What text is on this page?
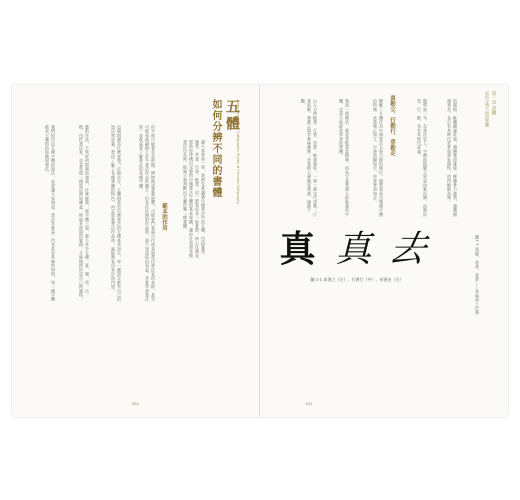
讀人本書第一章，我們先來講講中國書法中的五體，包括篆書、隸書、草書、行書、楷書。這一節看似非一般實際，核心任務是幫助你建構出完整的中國書法字體的基本架構，讓你在看到各種書法作品時，能夠立刻判斷出它屬於哪一種書體。
範本的作用
你平時可能會走美術館、博物館或書畫展覽，可能會鬥看過古代或者現當代書法家的真跡，甚至可能看過網路上許多書法作品的圖片；但是往往面對作品時，卻不知道從何看起。其實學習書法第一步就是要了解書法的各種字體。
這個問題為什麼要想？打個比方，五體相當於中國書法的五種基本語言，每一種語言都有自己的語法和詞彙。當你了解了各種書體的特色，再去欣賞書法作品時，就能夠看出其中的門道。
藝術作品，不管從何時開始發展，什麼樣貌，從字體上說，都不外乎五種：篆、隸、草、行、楷。包括書法家，也是先從一種寫法開始練起，經過長時間的累積，才能慢慢形成自己的風格。
我們提出這五種字體的說法，是要讓大家知道，書法其實是一門非常有系統的學問，每一種字體都有它獨特的結構與筆法。
五
體
如何分辨不同的書體	Fives Knowledge: Calligraphic Styles of Chinese Calligraphy
020
第一章 書體
如何分辨不同的書體
圖1-1 漢隸、草書、真書——章與章之行筆
的風格、歐體嚴謹莊重、顏體寬厚雄偉、柳體骨力遒勁、趙體圓潤秀美，各自有其時代背景與書家個性，值得細細品味。
簡單說一句：在書法史上，字體的演變大致是由篆而隸，由隸而草、行、楷，各有其時代意義。
真勘立、行勘行、草勘走
瞭解了五體作為中國書法主要目錄的地位，簡單看看這幾種字體的特徵：真書端正如立、行書流暢如行、草書奔放如走。
我試一個辦法，就是拿楷書當標準，因為它是普通人最熟悉的字體，也是大家最常學習的書體。
古人分辨楷書、行書、草書：楷書端莊，一筆一畫交代清楚；行書流動，筆畫之間有牽絲連帶；草書則大量簡省筆畫，連綿不斷。
真 真 去
圖 1-1 真書立（左）、行書行（中）、草書走（右）
021
